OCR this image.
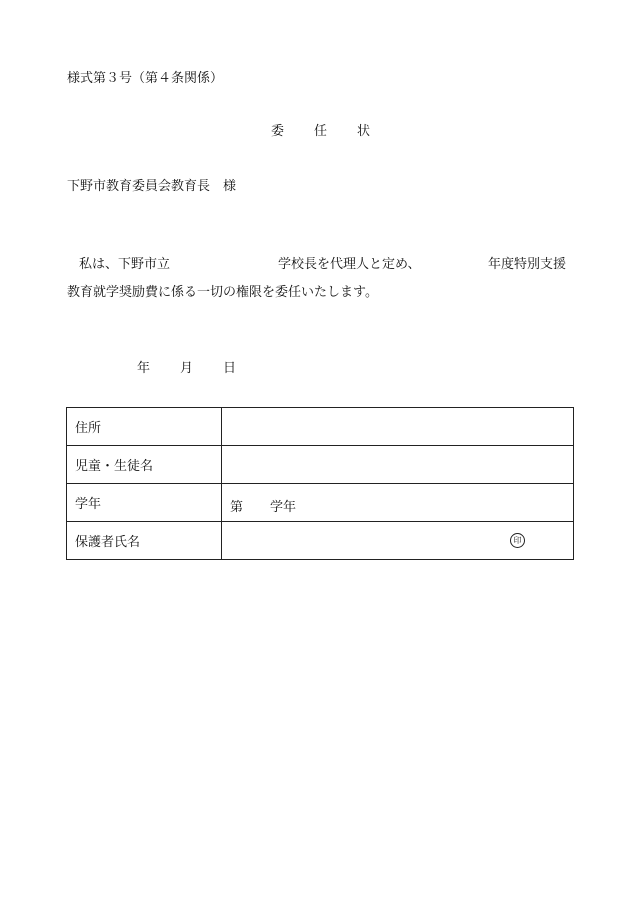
様式第３号（第４条関係）
委 任 状
下野市教育委員会教育長　様
私は、下野市立	学校長を代理人と定め、	年度特別支援
教育就学奨励費に係る一切の権限を委任いたします。
年 月 日
住所	
児童・生徒名	
学年	第 学年

保護者氏名	印
